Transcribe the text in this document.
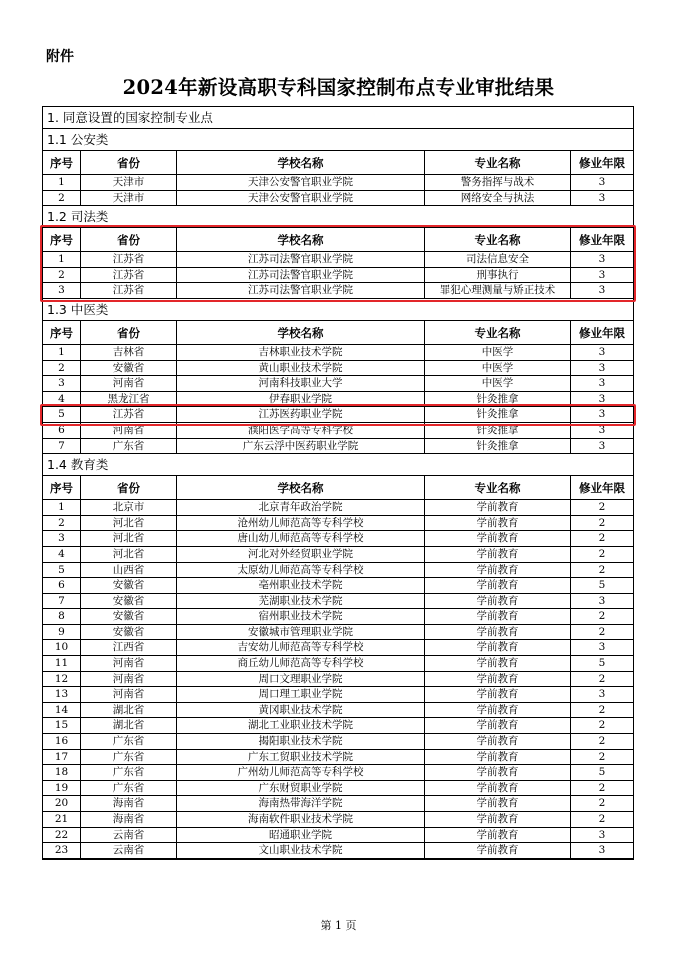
附件
2024年新设高职专科国家控制布点专业审批结果
1. 同意设置的国家控制专业点
1.1 公安类
序号	省份	学校名称	专业名称	修业年限
1	天津市	天津公安警官职业学院	警务指挥与战术	3
2	天津市	天津公安警官职业学院	网络安全与执法	3
1.2 司法类
序号	省份	学校名称	专业名称	修业年限
1	江苏省	江苏司法警官职业学院	司法信息安全	3
2	江苏省	江苏司法警官职业学院	刑事执行	3
3	江苏省	江苏司法警官职业学院	罪犯心理测量与矫正技术	3
1.3 中医类
序号	省份	学校名称	专业名称	修业年限
1	吉林省	吉林职业技术学院	中医学	3
2	安徽省	黄山职业技术学院	中医学	3
3	河南省	河南科技职业大学	中医学	3
4	黑龙江省	伊春职业学院	针灸推拿	3
5	江苏省	江苏医药职业学院	针灸推拿	3
6	河南省	濮阳医学高等专科学校	针灸推拿	3
7	广东省	广东云浮中医药职业学院	针灸推拿	3
1.4 教育类
序号	省份	学校名称	专业名称	修业年限
1	北京市	北京青年政治学院	学前教育	2
2	河北省	沧州幼儿师范高等专科学校	学前教育	2
3	河北省	唐山幼儿师范高等专科学校	学前教育	2
4	河北省	河北对外经贸职业学院	学前教育	2
5	山西省	太原幼儿师范高等专科学校	学前教育	2
6	安徽省	亳州职业技术学院	学前教育	5
7	安徽省	芜湖职业技术学院	学前教育	3
8	安徽省	宿州职业技术学院	学前教育	2
9	安徽省	安徽城市管理职业学院	学前教育	2
10	江西省	吉安幼儿师范高等专科学校	学前教育	3
11	河南省	商丘幼儿师范高等专科学校	学前教育	5
12	河南省	周口文理职业学院	学前教育	2
13	河南省	周口理工职业学院	学前教育	3
14	湖北省	黄冈职业技术学院	学前教育	2
15	湖北省	湖北工业职业技术学院	学前教育	2
16	广东省	揭阳职业技术学院	学前教育	2
17	广东省	广东工贸职业技术学院	学前教育	2
18	广东省	广州幼儿师范高等专科学校	学前教育	5
19	广东省	广东财贸职业学院	学前教育	2
20	海南省	海南热带海洋学院	学前教育	2
21	海南省	海南软件职业技术学院	学前教育	2
22	云南省	昭通职业学院	学前教育	3
23	云南省	文山职业技术学院	学前教育	3
第 1 页
